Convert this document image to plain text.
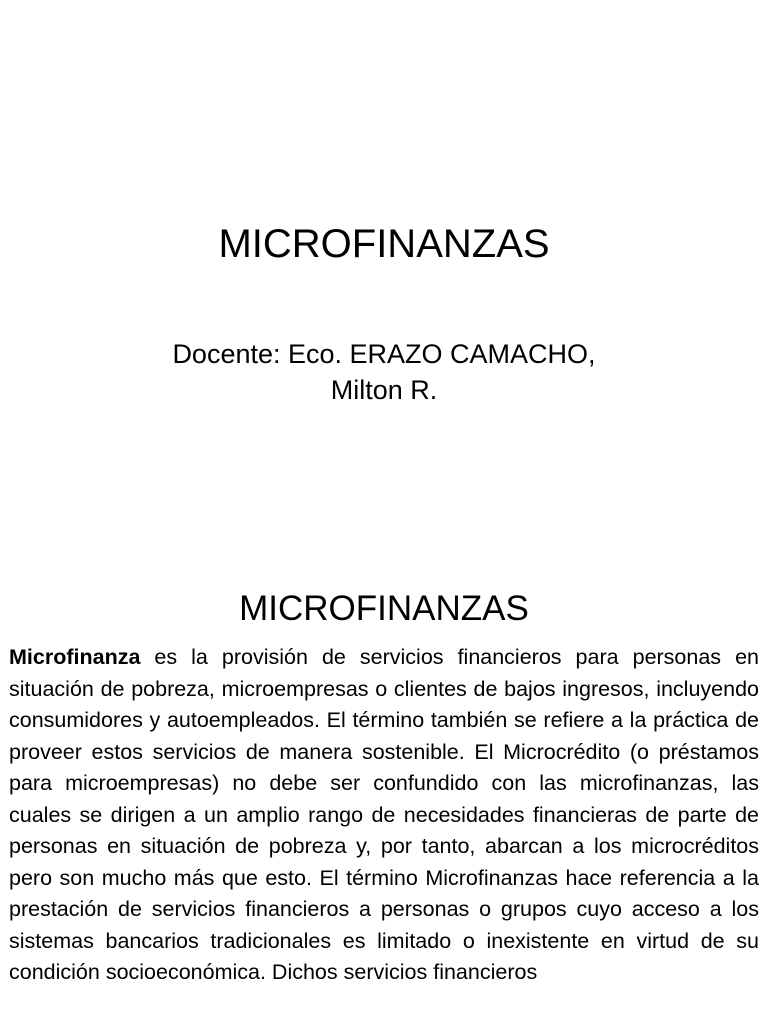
MICROFINANZAS
Docente: Eco. ERAZO CAMACHO,
Milton R.
MICROFINANZAS

Microfinanza es la provisión de servicios financieros para personas en situación de pobreza, microempresas o clientes de bajos ingresos, incluyendo consumidores y autoempleados. El término también se refiere a la práctica de proveer estos servicios de manera sostenible. El Microcrédito (o préstamos para microempresas) no debe ser confundido con las microfinanzas, las cuales se dirigen a un amplio rango de necesidades financieras de parte de personas en situación de pobreza y, por tanto, abarcan a los microcréditos pero son mucho más que esto. El término Microfinanzas hace referencia a la prestación de servicios financieros a personas o grupos cuyo acceso a los sistemas bancarios tradicionales es limitado o inexistente en virtud de su condición socioeconómica. Dichos servicios financieros
